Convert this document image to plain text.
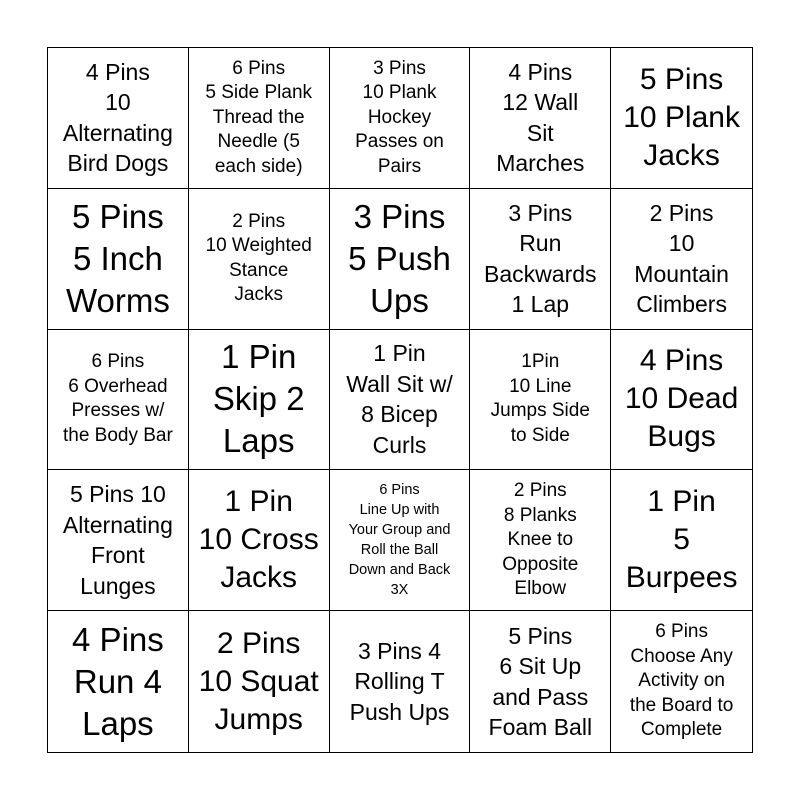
4 Pins
10
Alternating
Bird Dogs
6 Pins
5 Side Plank
Thread the
Needle (5
each side)
3 Pins
10 Plank
Hockey
Passes on
Pairs
4 Pins
12 Wall
Sit
Marches
5 Pins
10 Plank
Jacks
5 Pins
5 Inch
Worms
2 Pins
10 Weighted
Stance
Jacks
3 Pins
5 Push
Ups
3 Pins
Run
Backwards
1 Lap
2 Pins
10
Mountain
Climbers
6 Pins
6 Overhead
Presses w/
the Body Bar
1 Pin
Skip 2
Laps
1 Pin
Wall Sit w/
8 Bicep
Curls
1Pin
10 Line
Jumps Side
to Side
4 Pins
10 Dead
Bugs
5 Pins 10
Alternating
Front
Lunges
1 Pin
10 Cross
Jacks
6 Pins
Line Up with
Your Group and
Roll the Ball
Down and Back
3X
2 Pins
8 Planks
Knee to
Opposite
Elbow
1 Pin
5
Burpees
4 Pins
Run 4
Laps
2 Pins
10 Squat
Jumps
3 Pins 4
Rolling T
Push Ups
5 Pins
6 Sit Up
and Pass
Foam Ball
6 Pins
Choose Any
Activity on
the Board to
Complete
